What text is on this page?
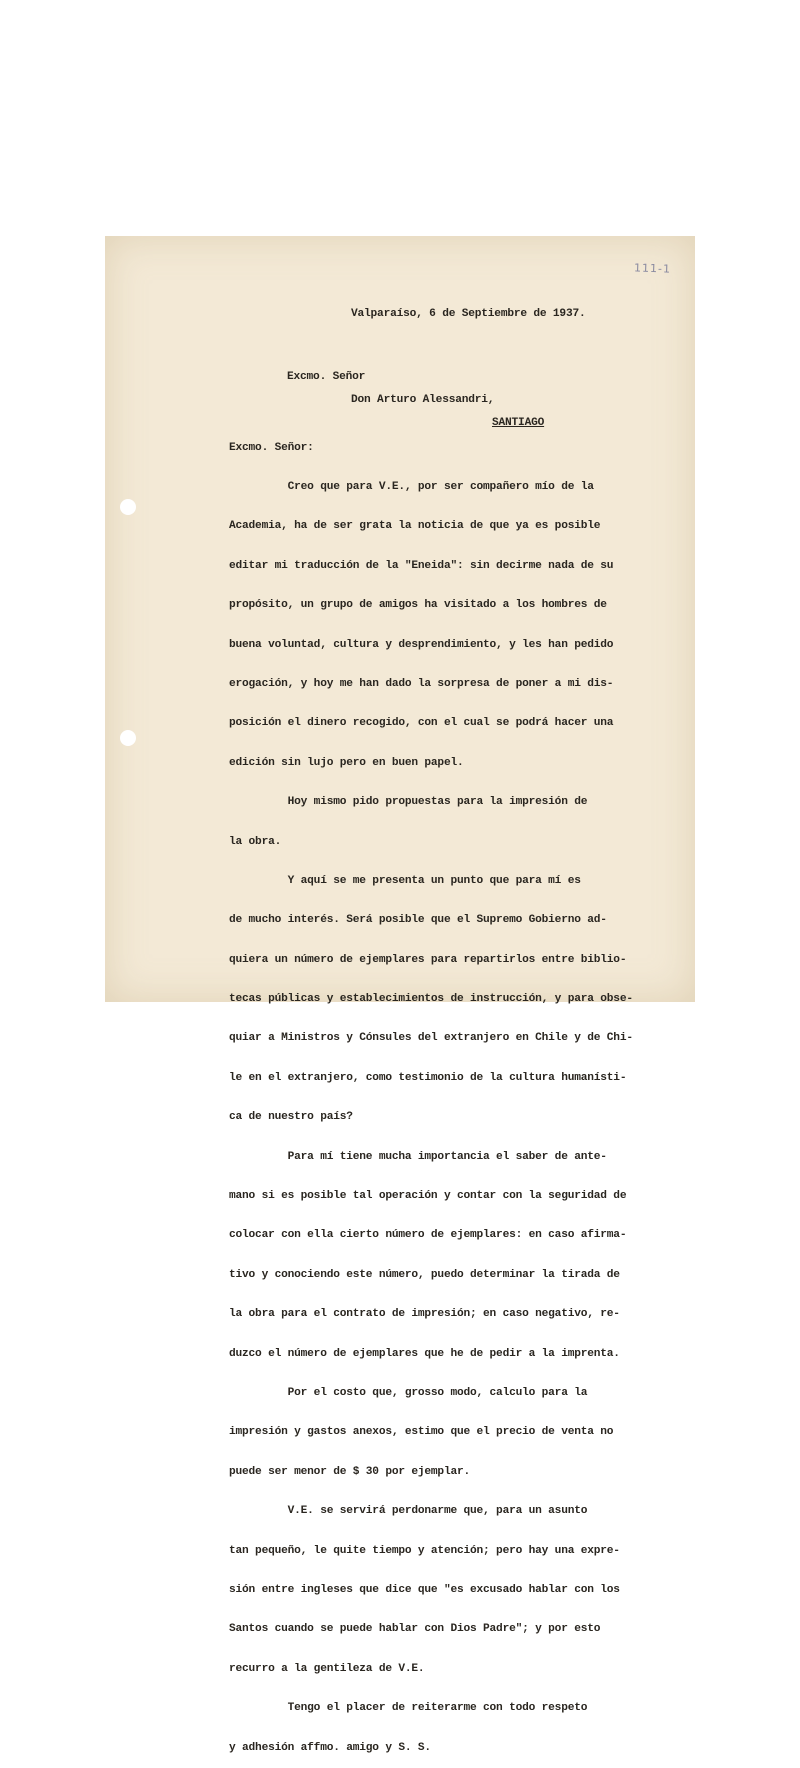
111-1
Valparaíso, 6 de Septiembre de 1937.
Excmo. Señor
Don Arturo Alessandri,
SANTIAGO
Excmo. Señor:

Creo que para V.E., por ser compañero mío de la

Academia, ha de ser grata la noticia de que ya es posible

editar mi traducción de la "Eneida": sin decirme nada de su

propósito, un grupo de amigos ha visitado a los hombres de

buena voluntad, cultura y desprendimiento, y les han pedido

erogación, y hoy me han dado la sorpresa de poner a mi dis-

posición el dinero recogido, con el cual se podrá hacer una

edición sin lujo pero en buen papel.

Hoy mismo pido propuestas para la impresión de

la obra.

Y aquí se me presenta un punto que para mí es

de mucho interés. Será posible que el Supremo Gobierno ad-

quiera un número de ejemplares para repartirlos entre biblio-

tecas públicas y establecimientos de instrucción, y para obse-

quiar a Ministros y Cónsules del extranjero en Chile y de Chi-

le en el extranjero, como testimonio de la cultura humanísti-

ca de nuestro país?

Para mí tiene mucha importancia el saber de ante-

mano si es posible tal operación y contar con la seguridad de

colocar con ella cierto número de ejemplares: en caso afirma-

tivo y conociendo este número, puedo determinar la tirada de

la obra para el contrato de impresión; en caso negativo, re-

duzco el número de ejemplares que he de pedir a la imprenta.

Por el costo que, grosso modo, calculo para la

impresión y gastos anexos, estimo que el precio de venta no

puede ser menor de $ 30 por ejemplar.

V.E. se servirá perdonarme que, para un asunto

tan pequeño, le quite tiempo y atención; pero hay una expre-

sión entre ingleses que dice que "es excusado hablar con los

Santos cuando se puede hablar con Dios Padre"; y por esto

recurro a la gentileza de V.E.

Tengo el placer de reiterarme con todo respeto

y adhesión affmo. amigo y S. S.
